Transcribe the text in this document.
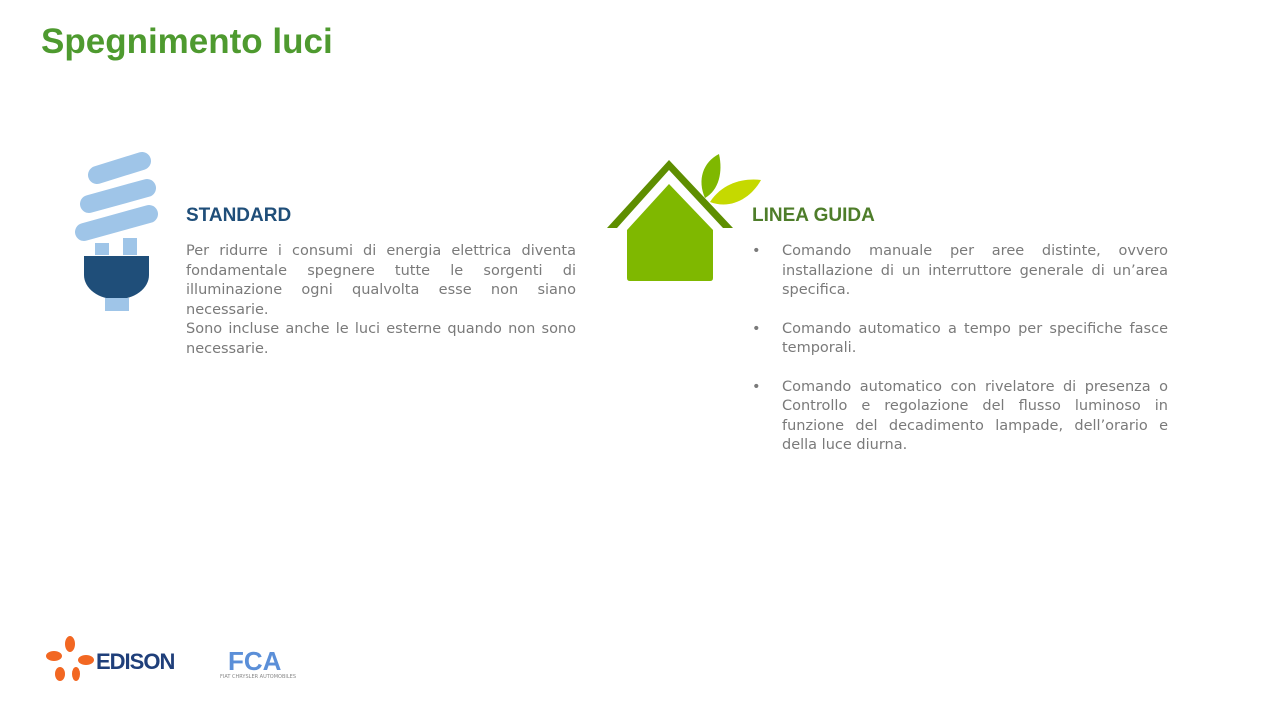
Spegnimento luci
STANDARD

Per ridurre i consumi di energia elettrica diventa fondamentale spegnere tutte le sorgenti di illuminazione ogni qualvolta esse non siano necessarie.

Sono incluse anche le luci esterne quando non sono necessarie.

LINEA GUIDA
• Comando manuale per aree distinte, ovvero installazione di un interruttore generale di un’area specifica.
• Comando automatico a tempo per specifiche fasce temporali.
• Comando automatico con rivelatore di presenza o Controllo e regolazione del flusso luminoso in funzione del decadimento lampade, dell’orario e della luce diurna.
EDISON FCA
FIAT CHRYSLER AUTOMOBILES
